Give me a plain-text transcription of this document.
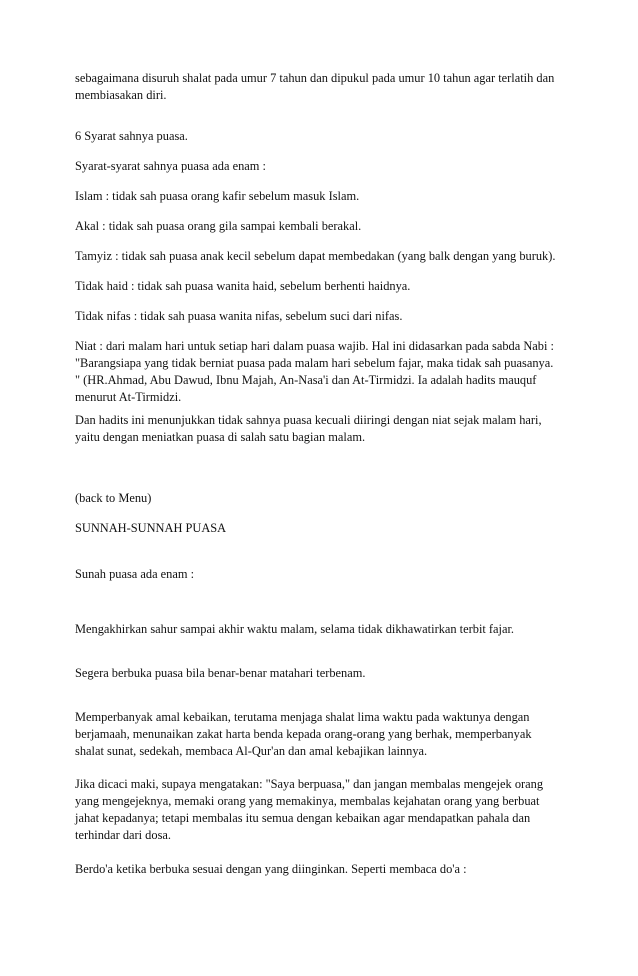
sebagaimana disuruh shalat pada umur 7 tahun dan dipukul pada umur 10 tahun agar terlatih dan

membiasakan diri.

6 Syarat sahnya puasa.

Syarat-syarat sahnya puasa ada enam :

Islam : tidak sah puasa orang kafir sebelum masuk Islam.

Akal : tidak sah puasa orang gila sampai kembali berakal.

Tamyiz : tidak sah puasa anak kecil sebelum dapat membedakan (yang balk dengan yang buruk).

Tidak haid : tidak sah puasa wanita haid, sebelum berhenti haidnya.

Tidak nifas : tidak sah puasa wanita nifas, sebelum suci dari nifas.

Niat : dari malam hari untuk setiap hari dalam puasa wajib. Hal ini didasarkan pada sabda Nabi :

"Barangsiapa yang tidak berniat puasa pada malam hari sebelum fajar, maka tidak sah puasanya.

" (HR.Ahmad, Abu Dawud, Ibnu Majah, An-Nasa'i dan At-Tirmidzi. Ia adalah hadits mauquf

menurut At-Tirmidzi.

Dan hadits ini menunjukkan tidak sahnya puasa kecuali diiringi dengan niat sejak malam hari,

yaitu dengan meniatkan puasa di salah satu bagian malam.

(back to Menu)

SUNNAH-SUNNAH PUASA

Sunah puasa ada enam :

Mengakhirkan sahur sampai akhir waktu malam, selama tidak dikhawatirkan terbit fajar.

Segera berbuka puasa bila benar-benar matahari terbenam.

Memperbanyak amal kebaikan, terutama menjaga shalat lima waktu pada waktunya dengan

berjamaah, menunaikan zakat harta benda kepada orang-orang yang berhak, memperbanyak

shalat sunat, sedekah, membaca Al-Qur'an dan amal kebajikan lainnya.

Jika dicaci maki, supaya mengatakan: "Saya berpuasa," dan jangan membalas mengejek orang

yang mengejeknya, memaki orang yang memakinya, membalas kejahatan orang yang berbuat

jahat kepadanya; tetapi membalas itu semua dengan kebaikan agar mendapatkan pahala dan

terhindar dari dosa.

Berdo'a ketika berbuka sesuai dengan yang diinginkan. Seperti membaca do'a :
